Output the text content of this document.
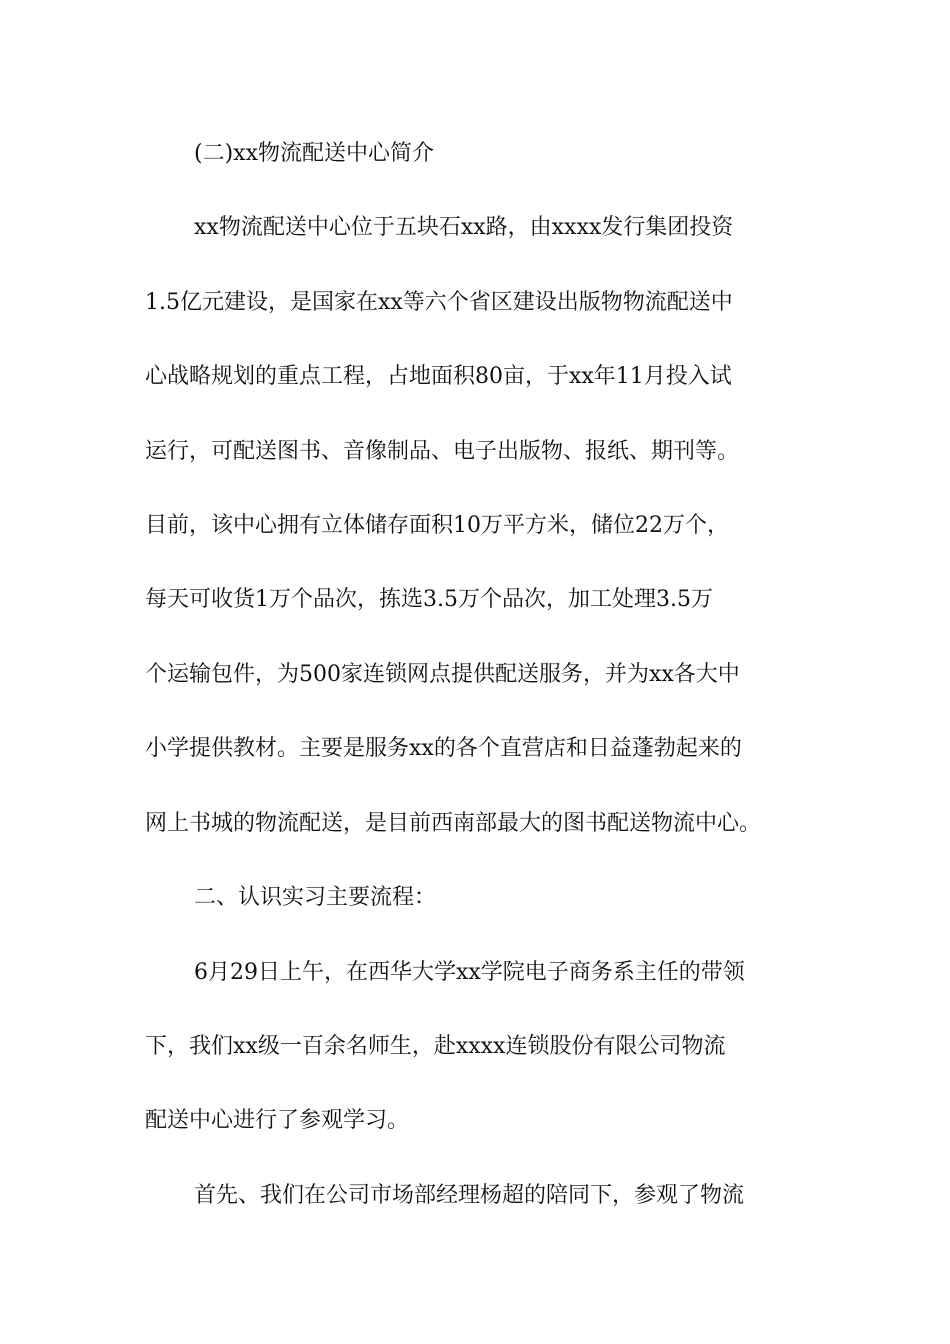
(二)xx物流配送中心简介
xx物流配送中心位于五块石xx路，由xxxx发行集团投资
1.5亿元建设，是国家在xx等六个省区建设出版物物流配送中
心战略规划的重点工程，占地面积80亩，于xx年11月投入试
运行，可配送图书、音像制品、电子出版物、报纸、期刊等。
目前，该中心拥有立体储存面积10万平方米，储位22万个，
每天可收货1万个品次，拣选3.5万个品次，加工处理3.5万
个运输包件，为500家连锁网点提供配送服务，并为xx各大中
小学提供教材。主要是服务xx的各个直营店和日益蓬勃起来的
网上书城的物流配送，是目前西南部最大的图书配送物流中心。
二、认识实习主要流程：
6月29日上午，在西华大学xx学院电子商务系主任的带领
下，我们xx级一百余名师生，赴xxxx连锁股份有限公司物流
配送中心进行了参观学习。
首先、我们在公司市场部经理杨超的陪同下，参观了物流
